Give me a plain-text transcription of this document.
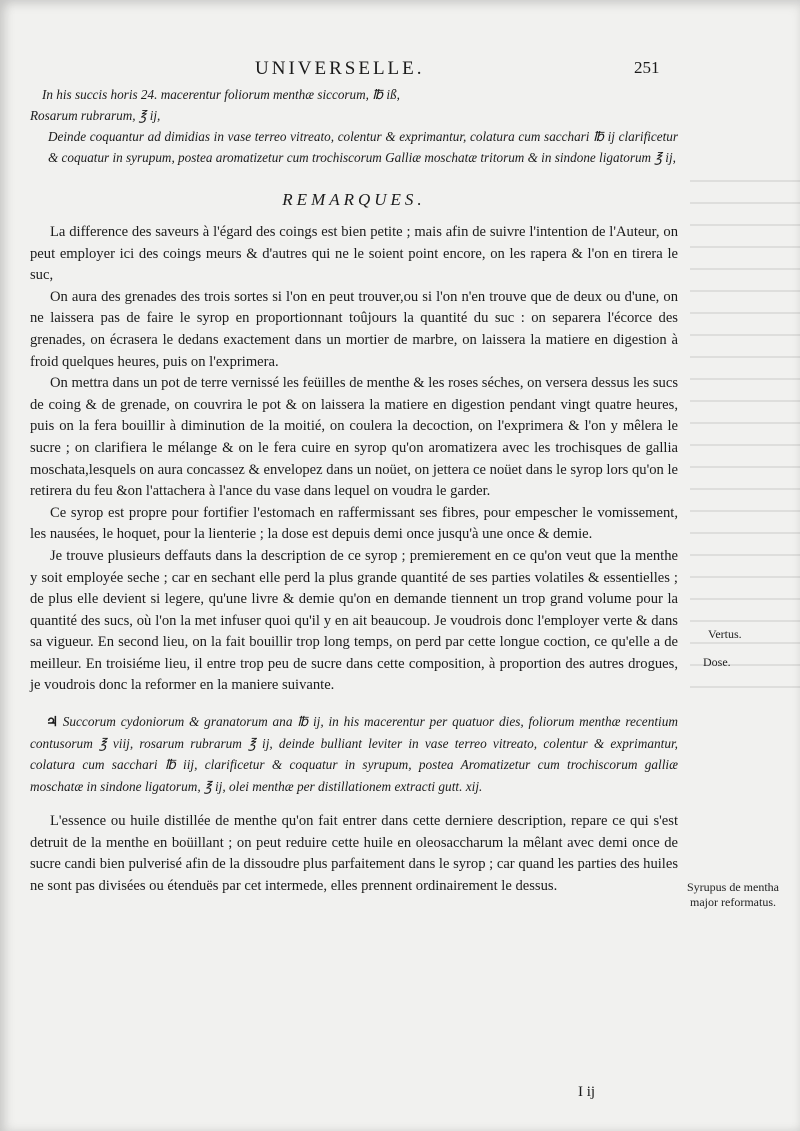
UNIVERSELLE.	251

In his succis horis 24. macerentur foliorum menthæ siccorum, ℔ iß,

Rosarum rubrarum, ℥ ij,

Deinde coquantur ad dimidias in vase terreo vitreato, colentur & exprimantur, colatura cum sacchari ℔ ij clarificetur & coquatur in syrupum, postea aromatizetur cum trochiscorum Galliæ moschatæ tritorum & in sindone ligatorum ℥ ij,

REMARQUES.

La difference des saveurs à l'égard des coings est bien petite ; mais afin de suivre l'intention de l'Auteur, on peut employer ici des coings meurs & d'autres qui ne le soient point encore, on les rapera & l'on en tirera le suc,

On aura des grenades des trois sortes si l'on en peut trouver,ou si l'on n'en trouve que de deux ou d'une, on ne laissera pas de faire le syrop en proportionnant toûjours la quantité du suc : on separera l'écorce des grenades, on écrasera le dedans exactement dans un mortier de marbre, on laissera la matiere en digestion à froid quelques heures, puis on l'exprimera.

On mettra dans un pot de terre vernissé les feüilles de menthe & les roses séches, on versera dessus les sucs de coing & de grenade, on couvrira le pot & on laissera la matiere en digestion pendant vingt quatre heures, puis on la fera bouillir à diminution de la moitié, on coulera la decoction, on l'exprimera & l'on y mêlera le sucre ; on clarifiera le mélange & on le fera cuire en syrop qu'on aromatizera avec les trochisques de gallia moschata,lesquels on aura concassez & envelopez dans un noüet, on jettera ce noüet dans le syrop lors qu'on le retirera du feu &on l'attachera à l'ance du vase dans lequel on voudra le garder.

Ce syrop est propre pour fortifier l'estomach en raffermissant ses fibres, pour empescher le vomissement, les nausées, le hoquet, pour la lienterie ; la dose est depuis demi once jusqu'à une once & demie.

Je trouve plusieurs deffauts dans la description de ce syrop ; premierement en ce qu'on veut que la menthe y soit employée seche ; car en sechant elle perd la plus grande quantité de ses parties volatiles & essentielles ; de plus elle devient si legere, qu'une livre & demie qu'on en demande tiennent un trop grand volume pour la quantité des sucs, où l'on la met infuser quoi qu'il y en ait beaucoup. Je voudrois donc l'employer verte & dans sa vigueur. En second lieu, on la fait bouillir trop long temps, on perd par cette longue coction, ce qu'elle a de meilleur. En troisiéme lieu, il entre trop peu de sucre dans cette composition, à proportion des autres drogues, je voudrois donc la reformer en la maniere suivante.

♃ Succorum cydoniorum & granatorum ana ℔ ij, in his macerentur per quatuor dies, foliorum menthæ recentium contusorum ℥ viij, rosarum rubrarum ℥ ij, deinde bulliant leviter in vase terreo vitreato, colentur & exprimantur, colatura cum sacchari ℔ iij, clarificetur & coquatur in syrupum, postea Aromatizetur cum trochiscorum galliæ moschatæ in sindone ligatorum, ℥ ij, olei menthæ per distillationem extracti gutt. xij.

L'essence ou huile distillée de menthe qu'on fait entrer dans cette derniere description, repare ce qui s'est detruit de la menthe en boüillant ; on peut reduire cette huile en oleosaccharum la mêlant avec demi once de sucre candi bien pulverisé afin de la dissoudre plus parfaitement dans le syrop ; car quand les parties des huiles ne sont pas divisées ou étenduës par cet intermede, elles prennent ordinairement le dessus.

Vertus.
Dose.
Syrupus de mentha major reformatus.
I ij
